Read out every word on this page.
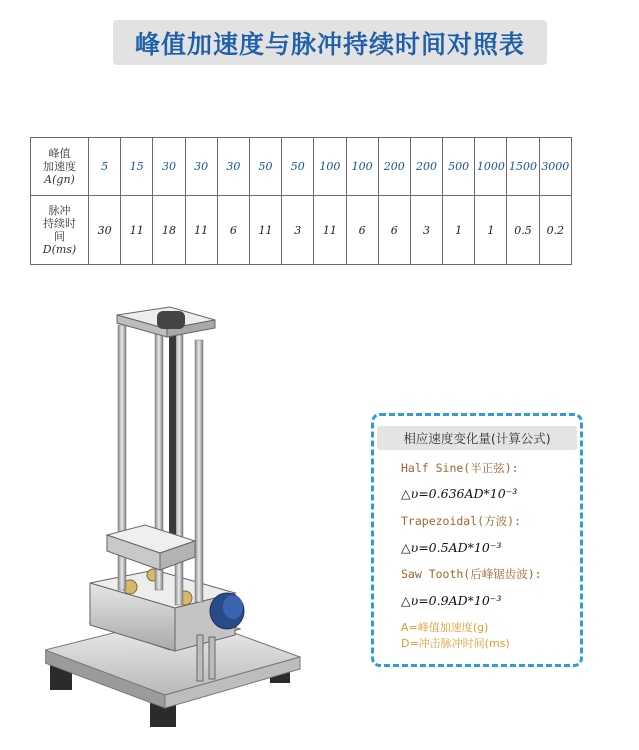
峰值加速度与脉冲持续时间对照表
峰值
加速度
A(gn)	5	15	30	30	30	50	50	100	100	200	200	500	1000	1500	3000

脉冲
持续时
间
D(ms)	30	11	18	11	6	11	3	11	6	6	3	1	1	0.5	0.2
相应速度变化量(计算公式)
Half Sine(半正弦):
△υ=0.636AD*10⁻³
Trapezoidal(方波):
△υ=0.5AD*10⁻³
Saw Tooth(后峰锯齿波):
△υ=0.9AD*10⁻³
A=峰值加速度(g)
D=冲击脉冲时间(ms)
